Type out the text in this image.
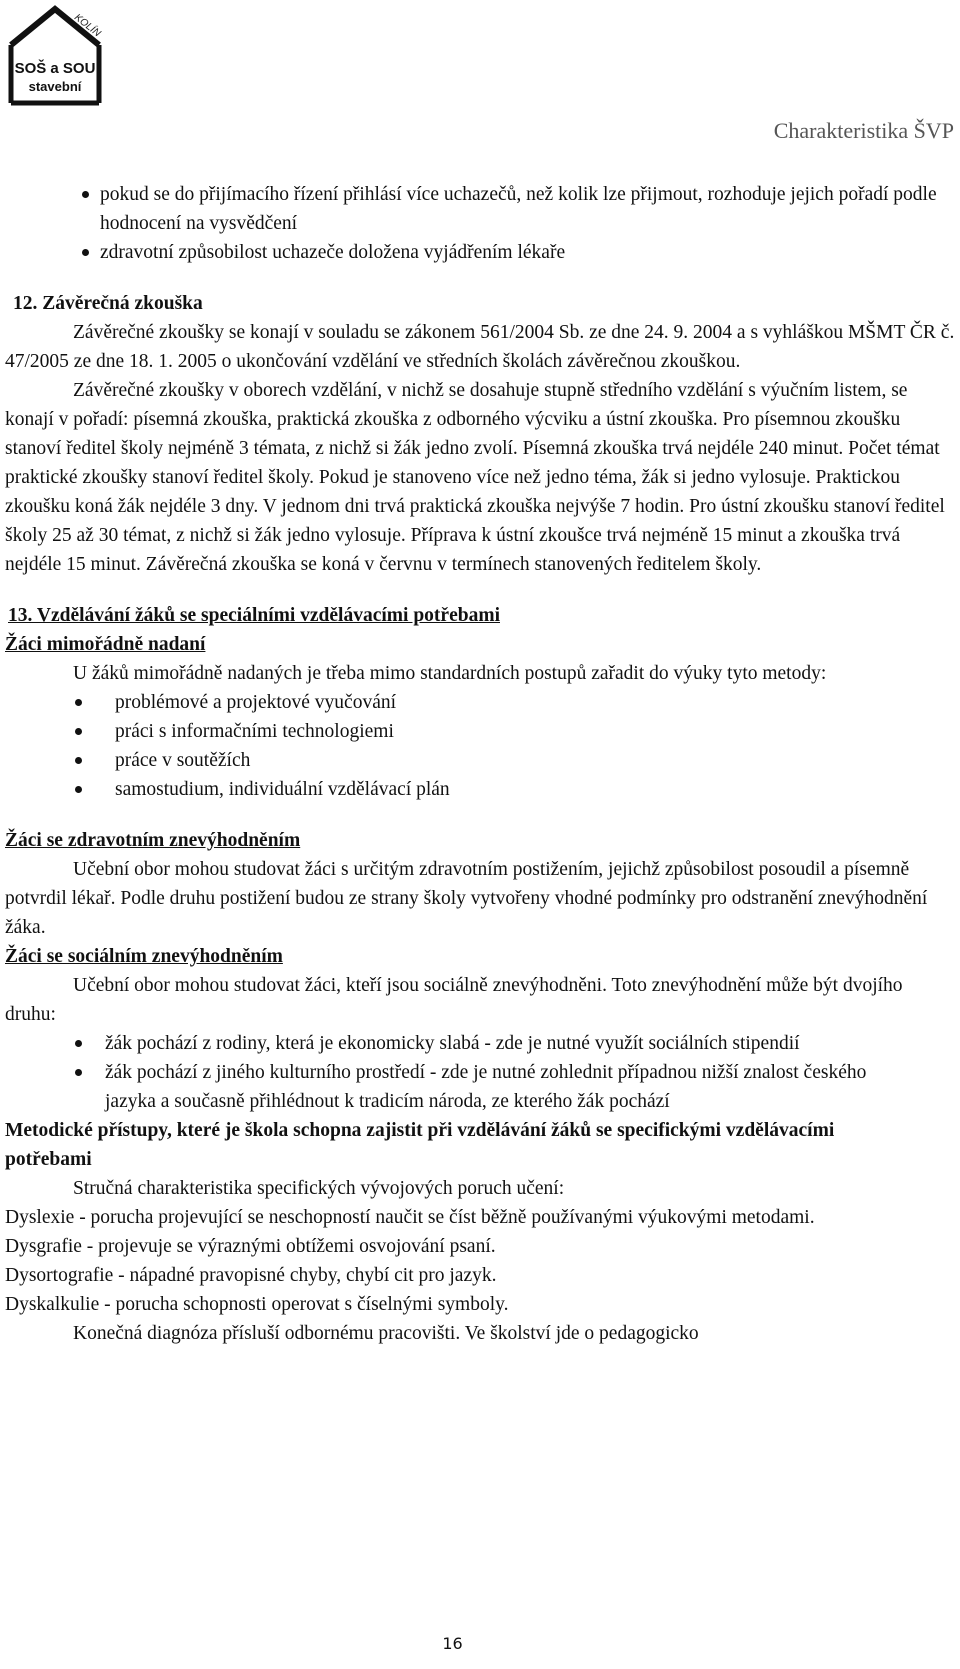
KOLÍN
SOŠ a SOU
stavební
Charakteristika ŠVP
pokud se do přijímacího řízení přihlásí více uchazečů, než kolik lze přijmout, rozhoduje jejich pořadí podle hodnocení na vysvědčení
zdravotní způsobilost uchazeče doložena vyjádřením lékaře

12. Závěrečná zkouška

Závěrečné zkoušky se konají v souladu se zákonem 561/2004 Sb. ze dne 24. 9. 2004 a s vyhláškou MŠMT ČR č. 47/2005 ze dne 18. 1. 2005 o ukončování vzdělání ve středních školách závěrečnou zkouškou.

Závěrečné zkoušky v oborech vzdělání, v nichž se dosahuje stupně středního vzdělání s výučním listem, se konají v pořadí: písemná zkouška, praktická zkouška z odborného výcviku a ústní zkouška. Pro písemnou zkoušku stanoví ředitel školy nejméně 3 témata, z nichž si žák jedno zvolí. Písemná zkouška trvá nejdéle 240 minut. Počet témat praktické zkoušky stanoví ředitel školy. Pokud je stanoveno více než jedno téma, žák si jedno vylosuje. Praktickou zkoušku koná žák nejdéle 3 dny. V jednom dni trvá praktická zkouška nejvýše 7 hodin. Pro ústní zkoušku stanoví ředitel školy 25 až 30 témat, z nichž si žák jedno vylosuje. Příprava k ústní zkoušce trvá nejméně 15 minut a zkouška trvá nejdéle 15 minut. Závěrečná zkouška se koná v červnu v termínech stanovených ředitelem školy.

13. Vzdělávání žáků se speciálními vzdělávacími potřebami

Žáci mimořádně nadaní

U žáků mimořádně nadaných je třeba mimo standardních postupů zařadit do výuky tyto metody:

problémové a projektové vyučování
práci s informačními technologiemi
práce v soutěžích
samostudium, individuální vzdělávací plán

Žáci se zdravotním znevýhodněním

Učební obor mohou studovat žáci s určitým zdravotním postižením, jejichž způsobilost posoudil a písemně potvrdil lékař. Podle druhu postižení budou ze strany školy vytvořeny vhodné podmínky pro odstranění znevýhodnění žáka.

Žáci se sociálním znevýhodněním

Učební obor mohou studovat žáci, kteří jsou sociálně znevýhodněni. Toto znevýhodnění může být dvojího druhu:

žák pochází z rodiny, která je ekonomicky slabá - zde je nutné využít sociálních stipendií
žák pochází z jiného kulturního prostředí - zde je nutné zohlednit případnou nižší znalost českého jazyka a současně přihlédnout k tradicím národa, ze kterého žák pochází

Metodické přístupy, které je škola schopna zajistit při vzdělávání žáků se specifickými vzdělávacími potřebami

Stručná charakteristika specifických vývojových poruch učení:

Dyslexie - porucha projevující se neschopností naučit se číst běžně používanými výukovými metodami.

Dysgrafie - projevuje se výraznými obtížemi osvojování psaní.

Dysortografie - nápadné pravopisné chyby, chybí cit pro jazyk.

Dyskalkulie - porucha schopnosti operovat s číselnými symboly.

Konečná diagnóza přísluší odbornému pracovišti. Ve školství jde o pedagogicko

16
